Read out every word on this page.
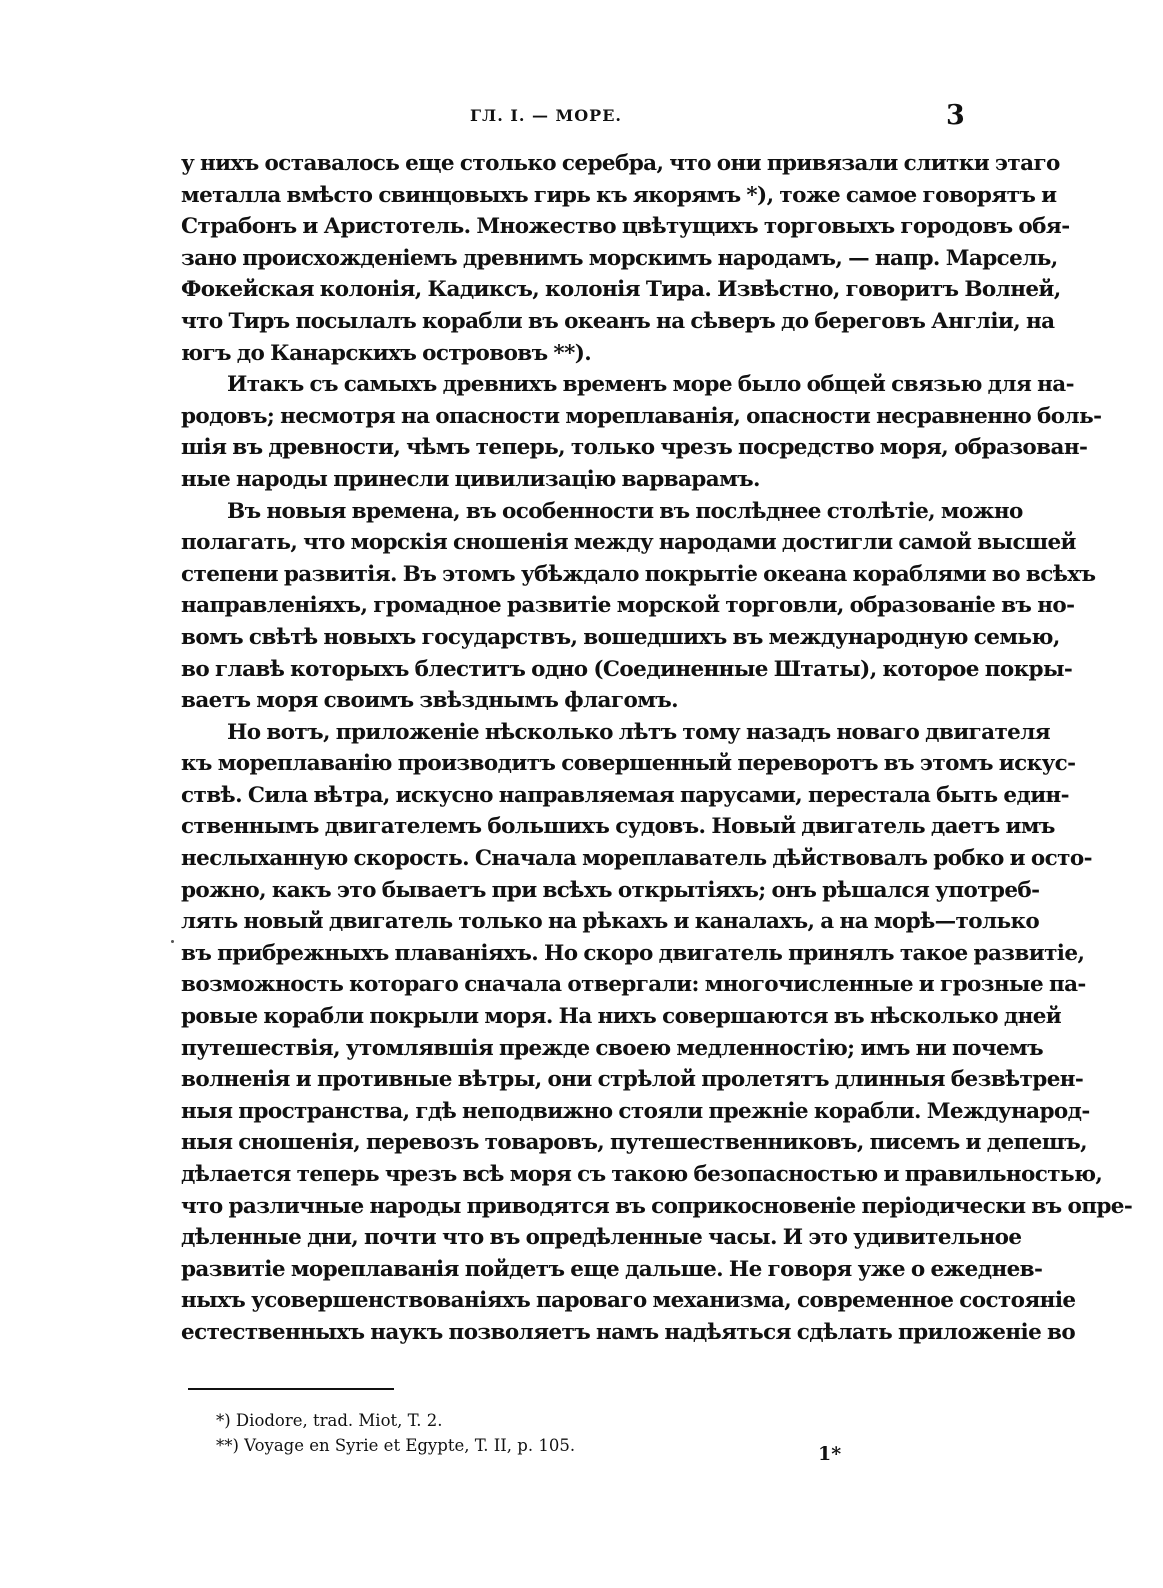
ГЛ. I. — МОРЕ.	3

у нихъ оставалось еще столько серебра, что они привязали слитки этаго
металла вмѣсто свинцовыхъ гирь къ якорямъ *), тоже самое говорятъ и
Страбонъ и Аристотель. Множество цвѣтущихъ торговыхъ городовъ обя-
зано происхожденіемъ древнимъ морскимъ народамъ, — напр. Марсель,
Фокейская колонія, Кадиксъ, колонія Тира. Извѣстно, говоритъ Волней,
что Тиръ посылалъ корабли въ океанъ на сѣверъ до береговъ Англіи, на
югъ до Канарскихъ острововъ **).

Итакъ съ самыхъ древнихъ временъ море было общей связью для на-
родовъ; несмотря на опасности мореплаванія, опасности несравненно боль-
шія въ древности, чѣмъ теперь, только чрезъ посредство моря, образован-
ные народы принесли цивилизацію варварамъ.

Въ новыя времена, въ особенности въ послѣднее столѣтіе, можно
полагать, что морскія сношенія между народами достигли самой высшей
степени развитія. Въ этомъ убѣждало покрытіе океана кораблями во всѣхъ
направленіяхъ, громадное развитіе морской торговли, образованіе въ но-
вомъ свѣтѣ новыхъ государствъ, вошедшихъ въ международную семью,
во главѣ которыхъ блеститъ одно (Соединенные Штаты), которое покры-
ваетъ моря своимъ звѣзднымъ флагомъ.

Но вотъ, приложеніе нѣсколько лѣтъ тому назадъ новаго двигателя
къ мореплаванію производитъ совершенный переворотъ въ этомъ искус-
ствѣ. Сила вѣтра, искусно направляемая парусами, перестала быть един-
ственнымъ двигателемъ большихъ судовъ. Новый двигатель даетъ имъ
неслыханную скорость. Сначала мореплаватель дѣйствовалъ робко и осто-
рожно, какъ это бываетъ при всѣхъ открытіяхъ; онъ рѣшался употреб-
лять новый двигатель только на рѣкахъ и каналахъ, а на морѣ—только
въ прибрежныхъ плаваніяхъ. Но скоро двигатель принялъ такое развитіе,
возможность котораго сначала отвергали: многочисленные и грозные па-
ровые корабли покрыли моря. На нихъ совершаются въ нѣсколько дней
путешествія, утомлявшія прежде своею медленностію; имъ ни почемъ
волненія и противные вѣтры, они стрѣлой пролетятъ длинныя безвѣтрен-
ныя пространства, гдѣ неподвижно стояли прежніе корабли. Международ-
ныя сношенія, перевозъ товаровъ, путешественниковъ, писемъ и депешъ,
дѣлается теперь чрезъ всѣ моря съ такою безопасностью и правильностью,
что различные народы приводятся въ соприкосновеніе періодически въ опре-
дѣленные дни, почти что въ опредѣленные часы. И это удивительное
развитіе мореплаванія пойдетъ еще дальше. Не говоря уже о ежеднев-
ныхъ усовершенствованіяхъ пароваго механизма, современное состояніе
естественныхъ наукъ позволяетъ намъ надѣяться сдѣлать приложеніе во

*) Diodore, trad. Miot, T. 2.
**) Voyage en Syrie et Egypte, T. II, p. 105.	1*
